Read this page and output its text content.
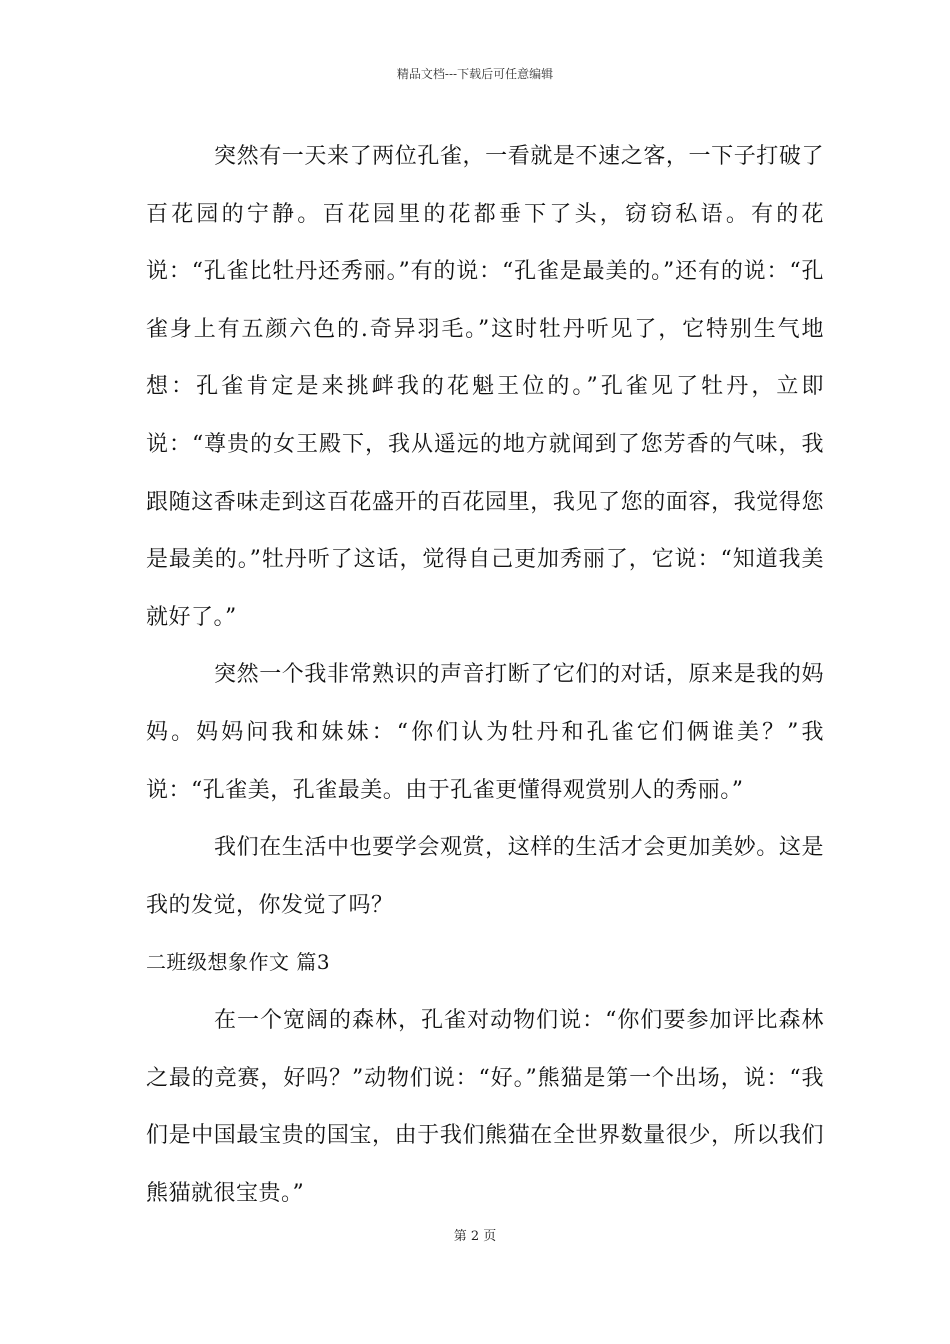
精品文档---下载后可任意编辑

突然有一天来了两位孔雀，一看就是不速之客，一下子打破了百花园的宁静。百花园里的花都垂下了头，窃窃私语。有的花说：“孔雀比牡丹还秀丽。”有的说：“孔雀是最美的。”还有的说：“孔雀身上有五颜六色的.奇异羽毛。”这时牡丹听见了，它特别生气地想：孔雀肯定是来挑衅我的花魁王位的。”孔雀见了牡丹，立即说：“尊贵的女王殿下，我从遥远的地方就闻到了您芳香的气味，我跟随这香味走到这百花盛开的百花园里，我见了您的面容，我觉得您是最美的。”牡丹听了这话，觉得自己更加秀丽了，它说：“知道我美就好了。”

突然一个我非常熟识的声音打断了它们的对话，原来是我的妈妈。妈妈问我和妹妹：“你们认为牡丹和孔雀它们俩谁美？”我说：“孔雀美，孔雀最美。由于孔雀更懂得观赏别人的秀丽。”

我们在生活中也要学会观赏，这样的生活才会更加美妙。这是我的发觉，你发觉了吗？

二班级想象作文 篇3

在一个宽阔的森林，孔雀对动物们说：“你们要参加评比森林之最的竞赛，好吗？”动物们说：“好。”熊猫是第一个出场，说：“我们是中国最宝贵的国宝，由于我们熊猫在全世界数量很少，所以我们熊猫就很宝贵。”

第 2 页
